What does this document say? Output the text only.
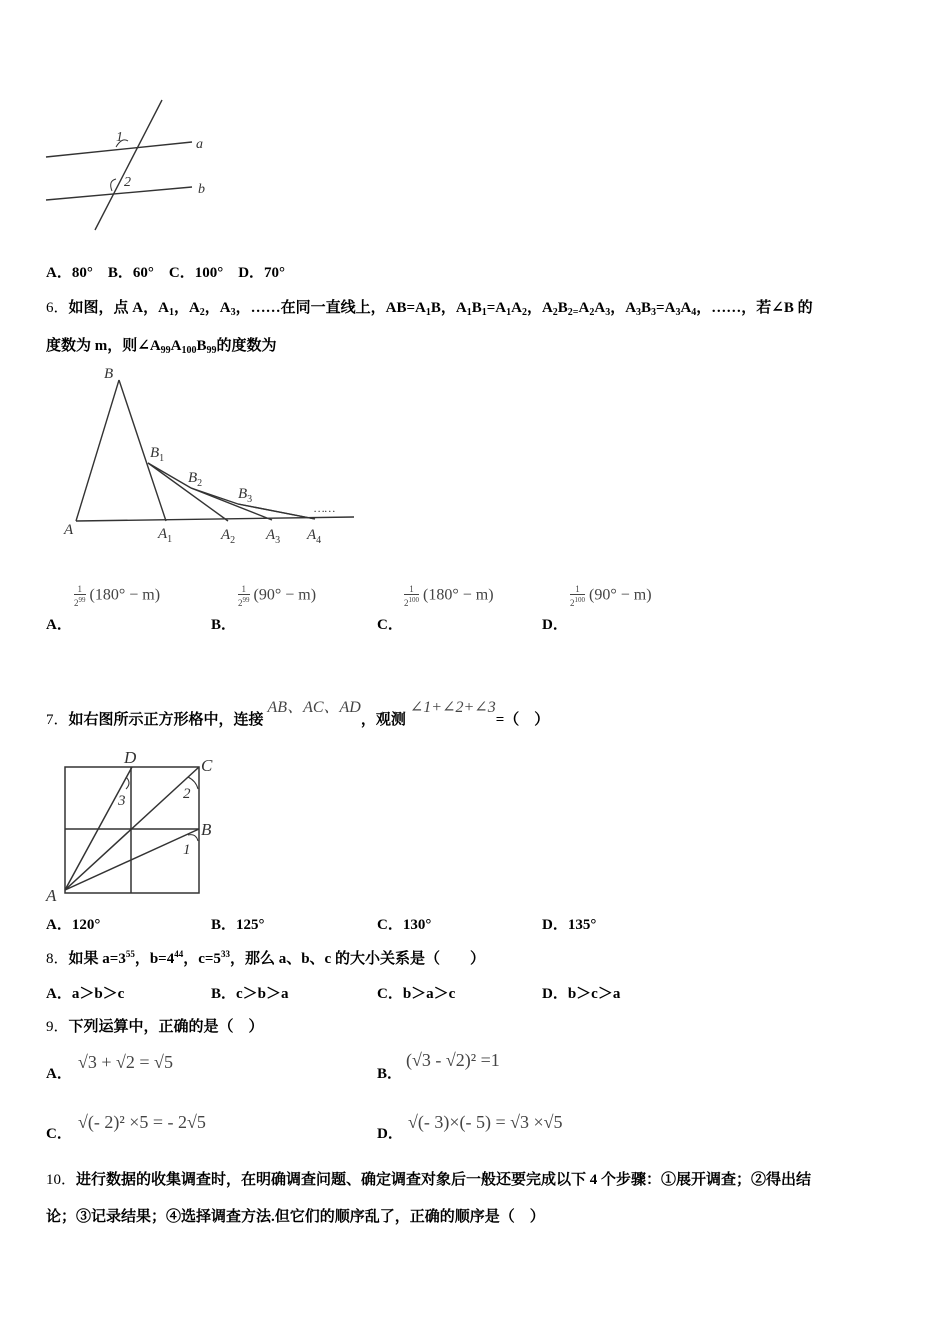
1
2
a
b
A．80° B．60° C．100° D．70°
6．如图，点 A，$A_1$，$A_2$，$A_3$，……在同一直线上，$AB=A_1B$，$A_1B_1=A_1A_2$，$A_2B_{2=}A_2A_3$，$A_3B_3=A_3A_4$，……，若∠B 的
度数为 m，则$\angle A_{99}A_{100}B_{99}$的度数为
B
$B_1$
$B_2$
$B_3$
……
A	$A_1$	$A_2$ $A_3$ $A_4$
$\frac{1}{2^{99}} (180^\circ - m)$	$\frac{1}{2^{99}} (90^\circ - m)$	$\frac{1}{2^{100}} (180^\circ - m)$	$\frac{1}{2^{100}} (90^\circ - m)$
A．	B．	C．	D．
7．如右图所示正方形格中，连接AB、AC、AD，观测∠1+∠2+∠3=（　）
D	C
B
A
3	2
1
A．120°	B．125°	C．130°	D．135°
8．如果 $a=3^{55}$，$b=4^{44}$，$c=5^{33}$，那么 a、b、c 的大小关系是（　　）
A．a＞b＞c	B．c＞b＞a	C．b＞a＞c	D．b＞c＞a
9．下列运算中，正确的是（　）
A．
√3 + √2 = √5
B．
(√3 - √2)² =1
C．
√(- 2)² ×5 = - 2√5
D．
√(- 3)×(- 5) = √3 ×√5
10．进行数据的收集调查时，在明确调查问题、确定调查对象后一般还要完成以下 4 个步骤：①展开调查；②得出结
论；③记录结果；④选择调查方法.但它们的顺序乱了，正确的顺序是（　）
